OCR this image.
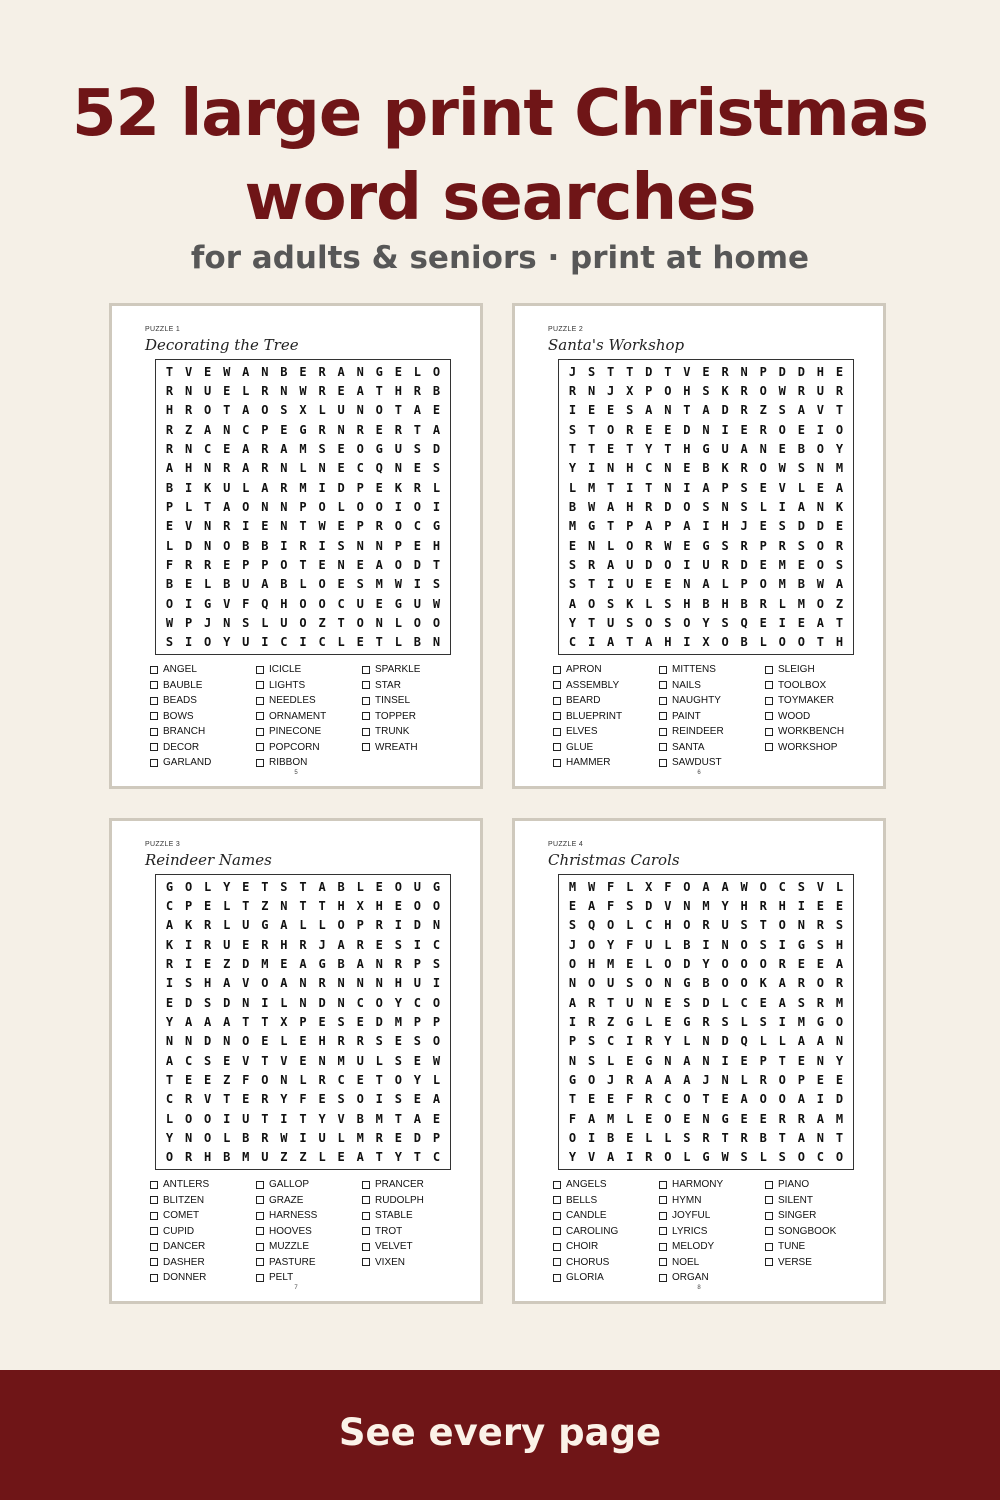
52 large print Christmas
word searches
for adults & seniors · print at home
PUZZLE 1
Decorating the Tree
T V E W A N B E R A N G E L O
R N U E L R N W R E A T H R B
H R O T A O S X L U N O T A E
R Z A N C P E G R N R E R T A
R N C E A R A M S E O G U S D
A H N R A R N L N E C Q N E S
B I K U L A R M I D P E K R L
P L T A O N N P O L O O I O I
E V N R I E N T W E P R O C G
L D N O B B I R I S N N P E H
F R R E P P O T E N E A O D T
B E L B U A B L O E S M W I S
O I G V F Q H O O C U E G U W
W P J N S L U O Z T O N L O O
S I O Y U I C I C L E T L B N
ANGEL
BAUBLE
BEADS
BOWS
BRANCH
DECOR
GARLAND
ICICLE
LIGHTS
NEEDLES
ORNAMENT
PINECONE
POPCORN
RIBBON
SPARKLE
STAR
TINSEL
TOPPER
TRUNK
WREATH
5
PUZZLE 2
Santa's Workshop
J S T T D T V E R N P D D H E
R N J X P O H S K R O W R U R
I E E S A N T A D R Z S A V T
S T O R E E D N I E R O E I O
T T E T Y T H G U A N E B O Y
Y I N H C N E B K R O W S N M
L M T I T N I A P S E V L E A
B W A H R D O S N S L I A N K
M G T P A P A I H J E S D D E
E N L O R W E G S R P R S O R
S R A U D O I U R D E M E O S
S T I U E E N A L P O M B W A
A O S K L S H B H B R L M O Z
Y T U S O S O Y S Q E I E A T
C I A T A H I X O B L O O T H
APRON
ASSEMBLY
BEARD
BLUEPRINT
ELVES
GLUE
HAMMER
MITTENS
NAILS
NAUGHTY
PAINT
REINDEER
SANTA
SAWDUST
SLEIGH
TOOLBOX
TOYMAKER
WOOD
WORKBENCH
WORKSHOP
6
PUZZLE 3
Reindeer Names
G O L Y E T S T A B L E O U G
C P E L T Z N T T H X H E O O
A K R L U G A L L O P R I D N
K I R U E R H R J A R E S I C
R I E Z D M E A G B A N R P S
I S H A V O A N R N N N H U I
E D S D N I L N D N C O Y C O
Y A A A T T X P E S E D M P P
N N D N O E L E H R R S E S O
A C S E V T V E N M U L S E W
T E E Z F O N L R C E T O Y L
C R V T E R Y F E S O I S E A
L O O I U T I T Y V B M T A E
Y N O L B R W I U L M R E D P
O R H B M U Z Z L E A T Y T C
ANTLERS
BLITZEN
COMET
CUPID
DANCER
DASHER
DONNER
GALLOP
GRAZE
HARNESS
HOOVES
MUZZLE
PASTURE
PELT
PRANCER
RUDOLPH
STABLE
TROT
VELVET
VIXEN
7
PUZZLE 4
Christmas Carols
M W F L X F O A A W O C S V L
E A F S D V N M Y H R H I E E
S Q O L C H O R U S T O N R S
J O Y F U L B I N O S I G S H
O H M E L O D Y O O O R E E A
N O U S O N G B O O K A R O R
A R T U N E S D L C E A S R M
I R Z G L E G R S L S I M G O
P S C I R Y L N D Q L L A A N
N S L E G N A N I E P T E N Y
G O J R A A A J N L R O P E E
T E E F R C O T E A O O A I D
F A M L E O E N G E E R R A M
O I B E L L S R T R B T A N T
Y V A I R O L G W S L S O C O
ANGELS
BELLS
CANDLE
CAROLING
CHOIR
CHORUS
GLORIA
HARMONY
HYMN
JOYFUL
LYRICS
MELODY
NOEL
ORGAN
PIANO
SILENT
SINGER
SONGBOOK
TUNE
VERSE
8
See every page
